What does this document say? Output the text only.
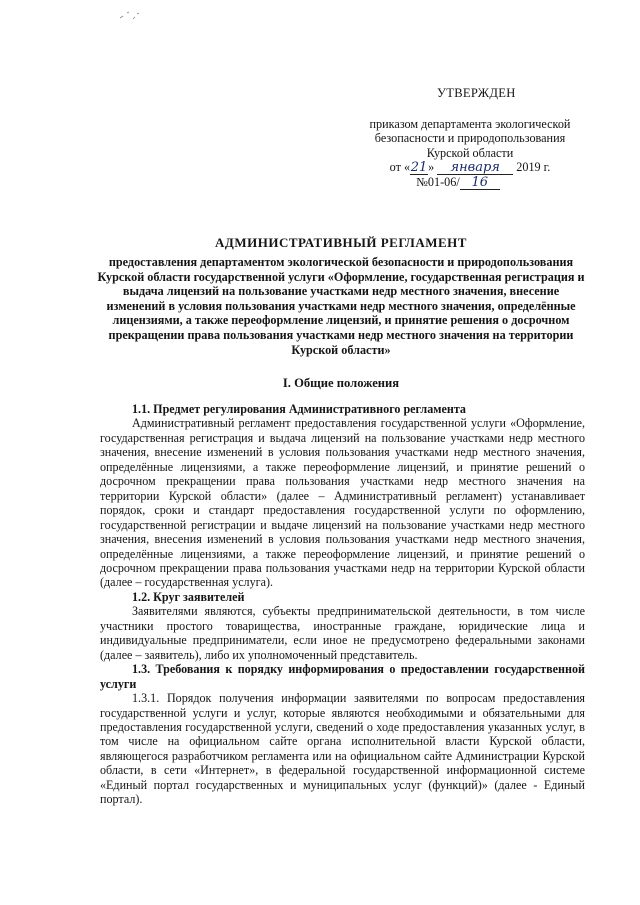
УТВЕРЖДЕН
приказом департамента экологической
безопасности и природопользования
Курской области
от «21» января 2019 г.
№01-06/ 16
АДМИНИСТРАТИВНЫЙ РЕГЛАМЕНТ
предоставления департаментом экологической безопасности и природопользования Курской области государственной услуги «Оформление, государственная регистрация и выдача лицензий на пользование участками недр местного значения, внесение изменений в условия пользования участками недр местного значения, определённые лицензиями, а также переоформление лицензий, и принятие решения о досрочном прекращении права пользования участками недр местного значения на территории Курской области»
I. Общие положения

1.1. Предмет регулирования Административного регламента

Административный регламент предоставления государственной услуги «Оформление, государственная регистрация и выдача лицензий на пользование участками недр местного значения, внесение изменений в условия пользования участками недр местного значения, определённые лицензиями, а также переоформление лицензий, и принятие решений о досрочном прекращении права пользования участками недр местного значения на территории Курской области» (далее – Административный регламент) устанавливает порядок, сроки и стандарт предоставления государственной услуги по оформлению, государственной регистрации и выдаче лицензий на пользование участками недр местного значения, внесения изменений в условия пользования участками недр местного значения, определённые лицензиями, а также переоформление лицензий, и принятие решений о досрочном прекращении права пользования участками недр на территории Курской области (далее – государственная услуга).

1.2. Круг заявителей

Заявителями являются, субъекты предпринимательской деятельности, в том числе участники простого товарищества, иностранные граждане, юридические лица и индивидуальные предприниматели, если иное не предусмотрено федеральными законами (далее – заявитель), либо их уполномоченный представитель.

1.3. Требования к порядку информирования о предоставлении государственной услуги

1.3.1. Порядок получения информации заявителями по вопросам предоставления государственной услуги и услуг, которые являются необходимыми и обязательными для предоставления государственной услуги, сведений о ходе предоставления указанных услуг, в том числе на официальном сайте органа исполнительной власти Курской области, являющегося разработчиком регламента или на официальном сайте Администрации Курской области, в сети «Интернет», в федеральной государственной информационной системе «Единый портал государственных и муниципальных услуг (функций)» (далее - Единый портал).
